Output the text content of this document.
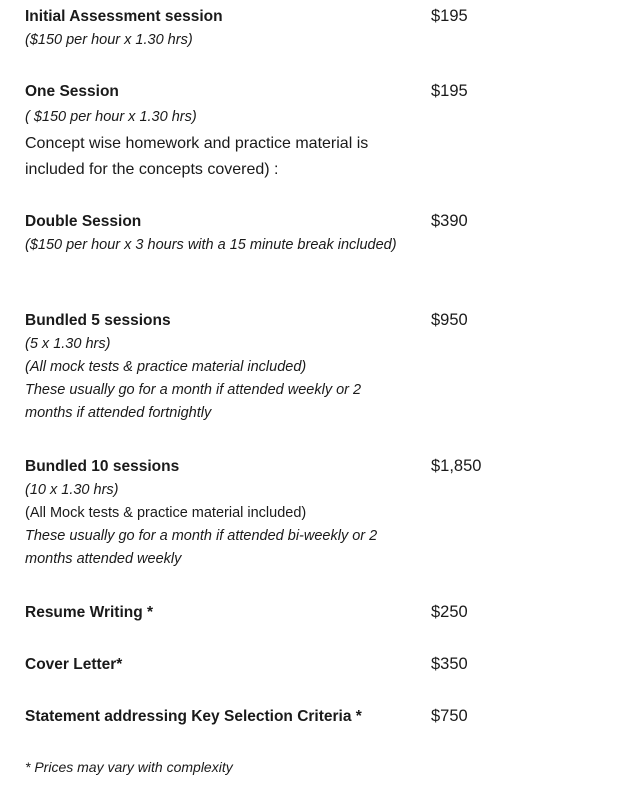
Initial Assessment session	$195
($150 per hour x 1.30 hrs)
One Session	$195
( $150 per hour x 1.30 hrs)
Concept wise homework and practice material is
included for the concepts covered) :
Double Session	$390
($150 per hour x 3 hours with a 15 minute break included)
Bundled 5 sessions	$950
(5 x 1.30 hrs)
(All mock tests & practice material included)
These usually go for a month if attended weekly or 2
months if attended fortnightly
Bundled 10 sessions	$1,850
(10 x 1.30 hrs)
(All Mock tests & practice material included)
These usually go for a month if attended bi-weekly or 2
months attended weekly
Resume Writing *	$250
Cover Letter*	$350
Statement addressing Key Selection Criteria *	$750
* Prices may vary with complexity
